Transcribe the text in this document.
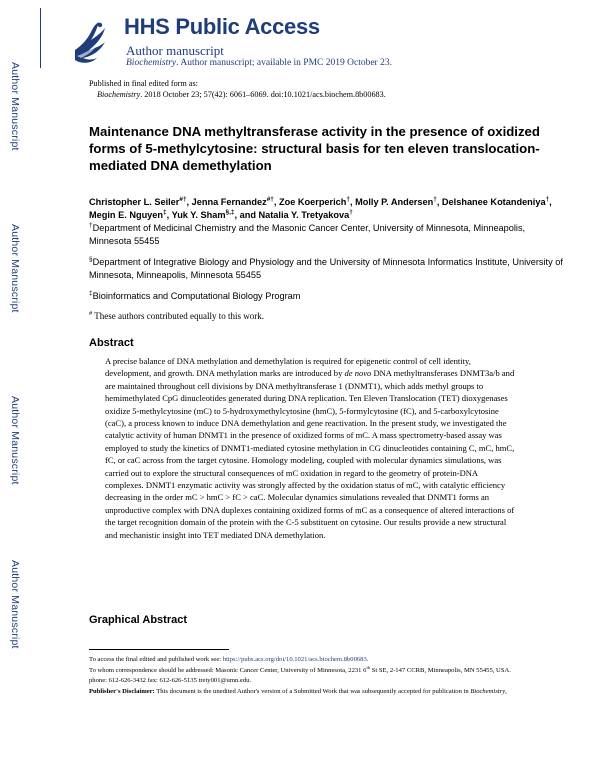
Author Manuscript
Author Manuscript
Author Manuscript
Author Manuscript
HHS Public Access
Author manuscript
Biochemistry. Author manuscript; available in PMC 2019 October 23.
Published in final edited form as:
Biochemistry. 2018 October 23; 57(42): 6061–6069. doi:10.1021/acs.biochem.8b00683.
Maintenance DNA methyltransferase activity in the presence of oxidized forms of 5-methylcytosine: structural basis for ten eleven translocation-mediated DNA demethylation
Christopher L. Seiler#†, Jenna Fernandez#†, Zoe Koerperich†, Molly P. Andersen†, Delshanee Kotandeniya†, Megin E. Nguyen‡, Yuk Y. Sham§,‡, and Natalia Y. Tretyakova†
†Department of Medicinal Chemistry and the Masonic Cancer Center, University of Minnesota, Minneapolis, Minnesota 55455
§Department of Integrative Biology and Physiology and the University of Minnesota Informatics Institute, University of Minnesota, Minneapolis, Minnesota 55455
‡Bioinformatics and Computational Biology Program
# These authors contributed equally to this work.
Abstract
A precise balance of DNA methylation and demethylation is required for epigenetic control of cell identity, development, and growth. DNA methylation marks are introduced by de novo DNA methyltransferases DNMT3a/b and are maintained throughout cell divisions by DNA methyltransferase 1 (DNMT1), which adds methyl groups to hemimethylated CpG dinucleotides generated during DNA replication. Ten Eleven Translocation (TET) dioxygenases oxidize 5-methylcytosine (mC) to 5-hydroxymethylcytosine (hmC), 5-formylcytosine (fC), and 5-carboxylcytosine (caC), a process known to induce DNA demethylation and gene reactivation. In the present study, we investigated the catalytic activity of human DNMT1 in the presence of oxidized forms of mC. A mass spectrometry-based assay was employed to study the kinetics of DNMT1-mediated cytosine methylation in CG dinucleotides containing C, mC, hmC, fC, or caC across from the target cytosine. Homology modeling, coupled with molecular dynamics simulations, was carried out to explore the structural consequences of mC oxidation in regard to the geometry of protein-DNA complexes. DNMT1 enzymatic activity was strongly affected by the oxidation status of mC, with catalytic efficiency decreasing in the order mC > hmC > fC > caC. Molecular dynamics simulations revealed that DNMT1 forms an unproductive complex with DNA duplexes containing oxidized forms of mC as a consequence of altered interactions of the target recognition domain of the protein with the C-5 substituent on cytosine. Our results provide a new structural and mechanistic insight into TET mediated DNA demethylation.
Graphical Abstract

To access the final edited and published work see: https://pubs.acs.org/doi/10.1021/acs.biochem.8b00683.

To whom correspondence should be addressed: Masonic Cancer Center, University of Minnesota, 2231 6th St SE, 2-147 CCRB, Minneapolis, MN 55455, USA. phone: 612-626-3432 fax: 612-626-5135 trety001@umn.edu.

Publisher's Disclaimer: This document is the unedited Author's version of a Submitted Work that was subsequently accepted for publication in Biochemistry,
